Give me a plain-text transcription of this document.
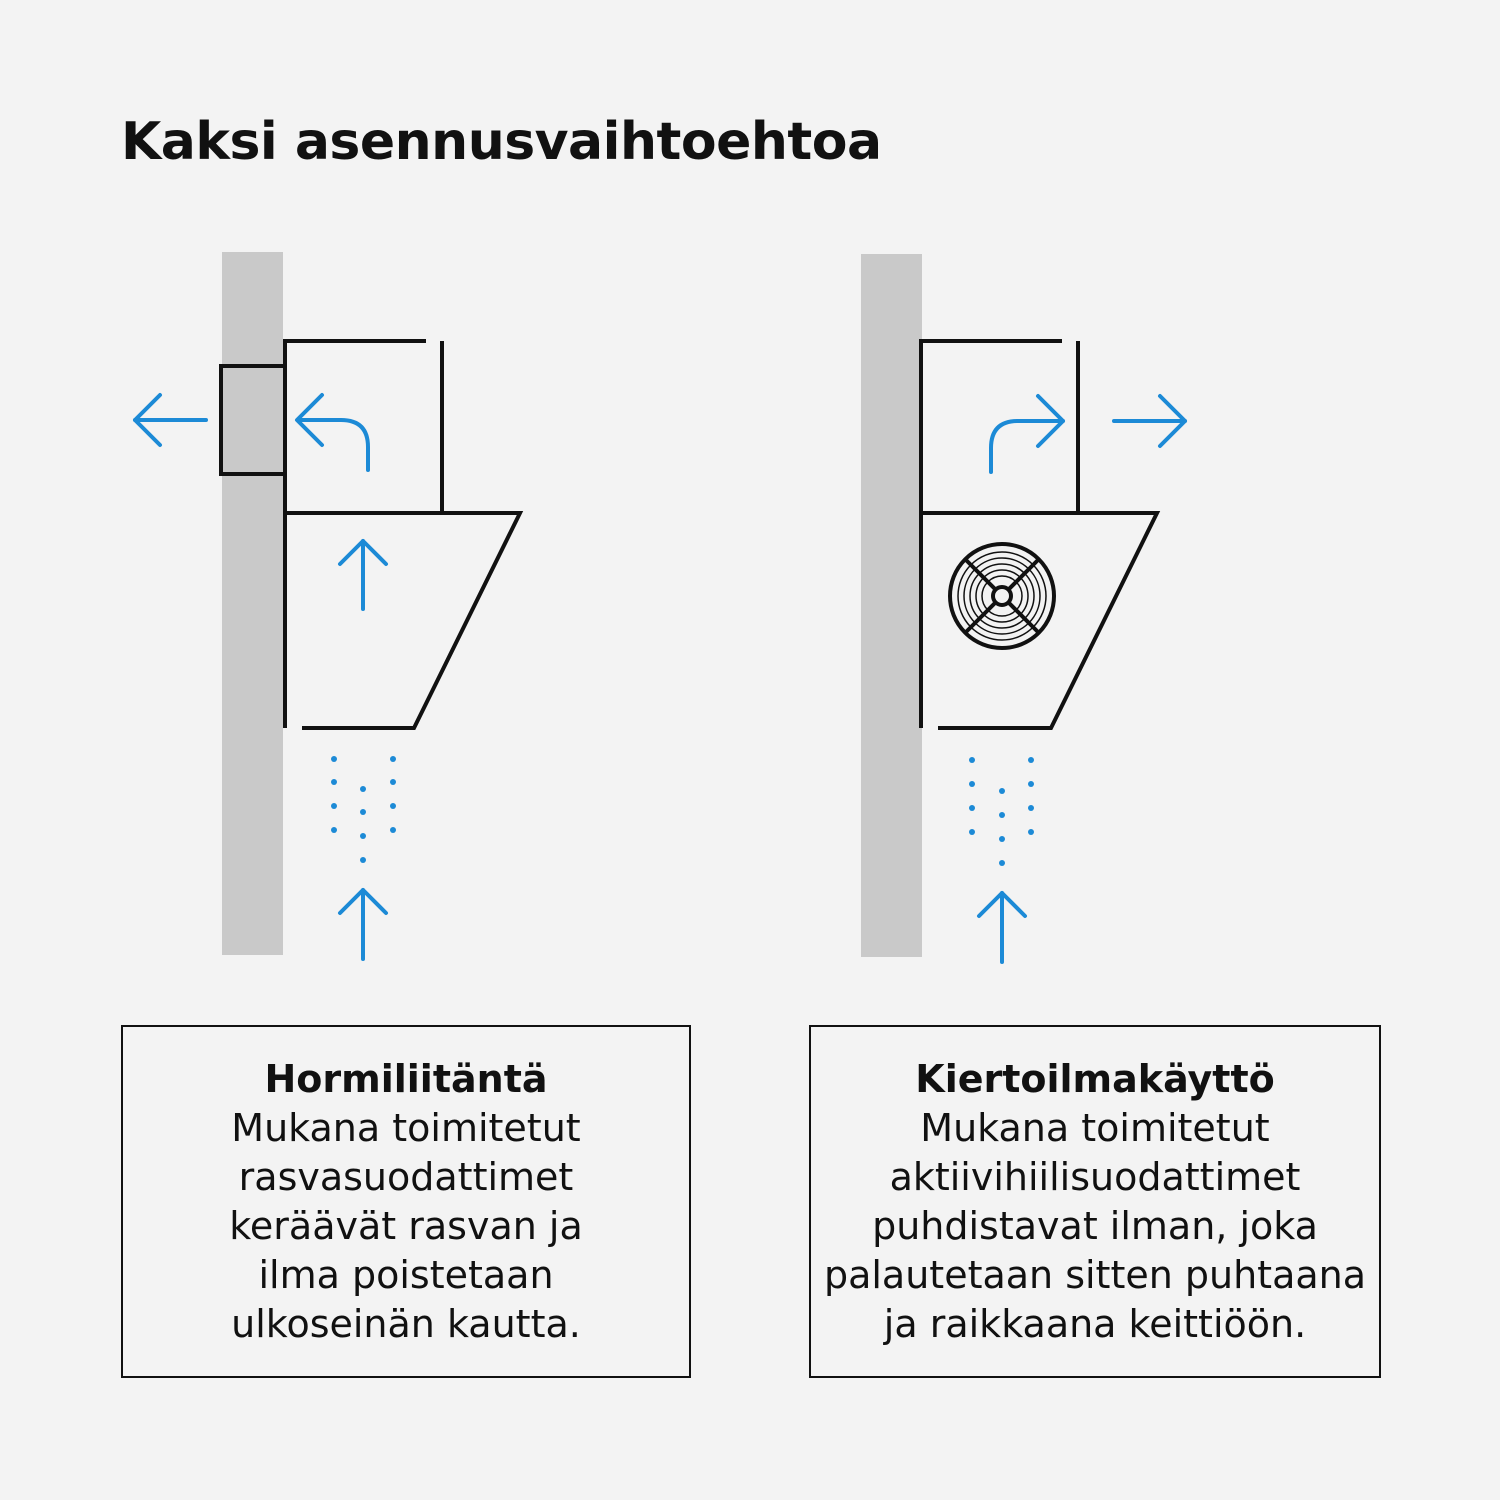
Kaksi asennusvaihtoehtoa
Hormiliitäntä
Mukana toimitetut
rasvasuodattimet
keräävät rasvan ja
ilma poistetaan
ulkoseinän kautta.
Kiertoilmakäyttö
Mukana toimitetut
aktiivihiilisuodattimet
puhdistavat ilman, joka
palautetaan sitten puhtaana
ja raikkaana keittiöön.
